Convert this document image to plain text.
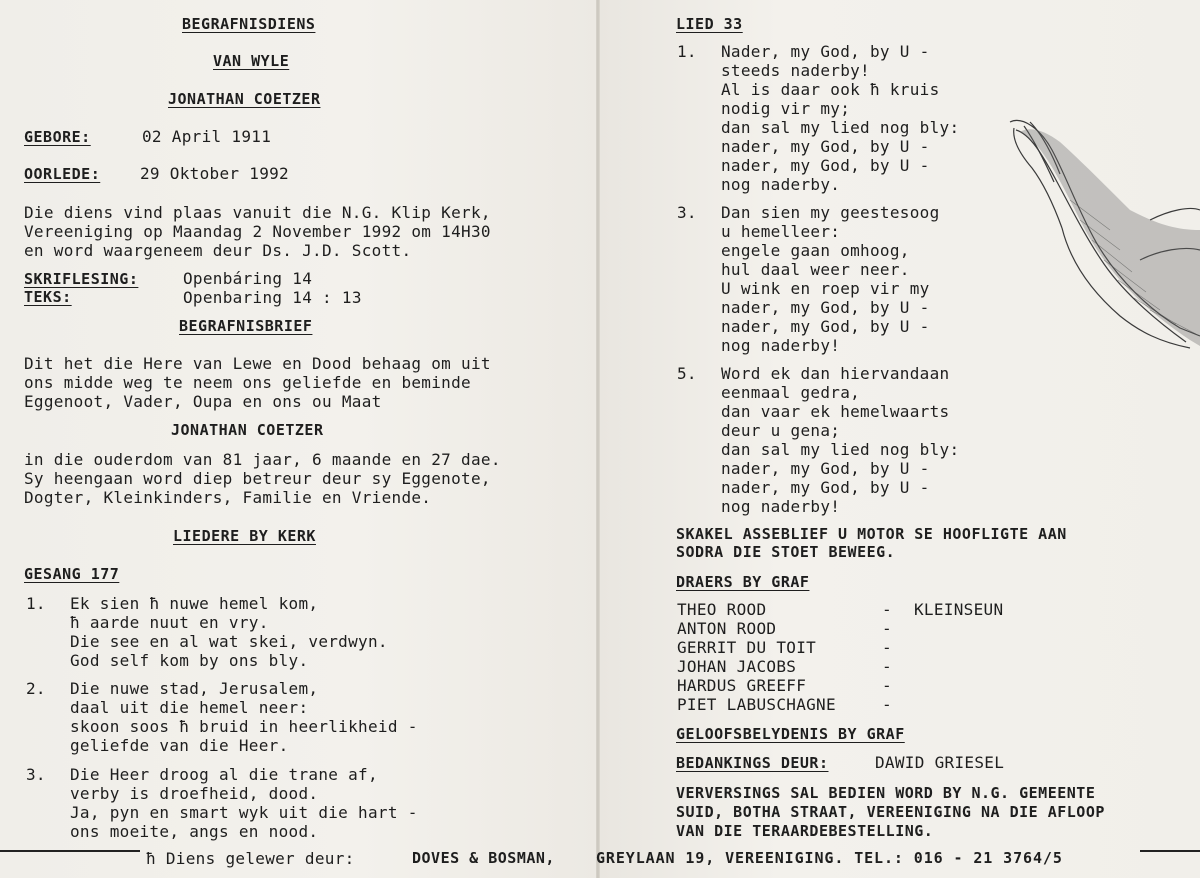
BEGRAFNISDIENS
VAN WYLE
JONATHAN COETZER
GEBORE:	02 April 1911
OORLEDE: 29 Oktober 1992
Die diens vind plaas vanuit die N.G. Klip Kerk,
Vereeniging op Maandag 2 November 1992 om 14H30
en word waargeneem deur Ds. J.D. Scott.
SKRIFLESING:	Openbáring 14
TEKS:	Openbaring 14 : 13
BEGRAFNISBRIEF
Dit het die Here van Lewe en Dood behaag om uit
ons midde weg te neem ons geliefde en beminde
Eggenoot, Vader, Oupa en ons ou Maat
JONATHAN COETZER
in die ouderdom van 81 jaar, 6 maande en 27 dae.
Sy heengaan word diep betreur deur sy Eggenote,
Dogter, Kleinkinders, Familie en Vriende.
LIEDERE BY KERK
GESANG 177
1. Ek sien ħ nuwe hemel kom,
ħ aarde nuut en vry.
Die see en al wat skei, verdwyn.
God self kom by ons bly.
2. Die nuwe stad, Jerusalem,
daal uit die hemel neer:
skoon soos ħ bruid in heerlikheid -
geliefde van die Heer.
3. Die Heer droog al die trane af,
verby is droefheid, dood.
Ja, pyn en smart wyk uit die hart -
ons moeite, angs en nood.
LIED 33
1. Nader, my God, by U -
steeds naderby!
Al is daar ook ħ kruis
nodig vir my;
dan sal my lied nog bly:
nader, my God, by U -
nader, my God, by U -
nog naderby.
3. Dan sien my geestesoog
u hemelleer:
engele gaan omhoog,
hul daal weer neer.
U wink en roep vir my
nader, my God, by U -
nader, my God, by U -
nog naderby!
5. Word ek dan hiervandaan
eenmaal gedra,
dan vaar ek hemelwaarts
deur u gena;
dan sal my lied nog bly:
nader, my God, by U -
nader, my God, by U -
nog naderby!
SKAKEL ASSEBLIEF U MOTOR SE HOOFLIGTE AAN
SODRA DIE STOET BEWEEG.
DRAERS BY GRAF
THEO ROOD	- KLEINSEUN
ANTON ROOD	-
GERRIT DU TOIT	-
JOHAN JACOBS	-
HARDUS GREEFF	-
PIET LABUSCHAGNE	-
GELOOFSBELYDENIS BY GRAF
BEDANKINGS DEUR:	DAWID GRIESEL
VERVERSINGS SAL BEDIEN WORD BY N.G. GEMEENTE
SUID, BOTHA STRAAT, VEREENIGING NA DIE AFLOOP
VAN DIE TERAARDEBESTELLING.
ħ Diens gelewer deur:	DOVES & BOSMAN,	GREYLAAN 19, VEREENIGING. TEL.: 016 - 21 3764/5
